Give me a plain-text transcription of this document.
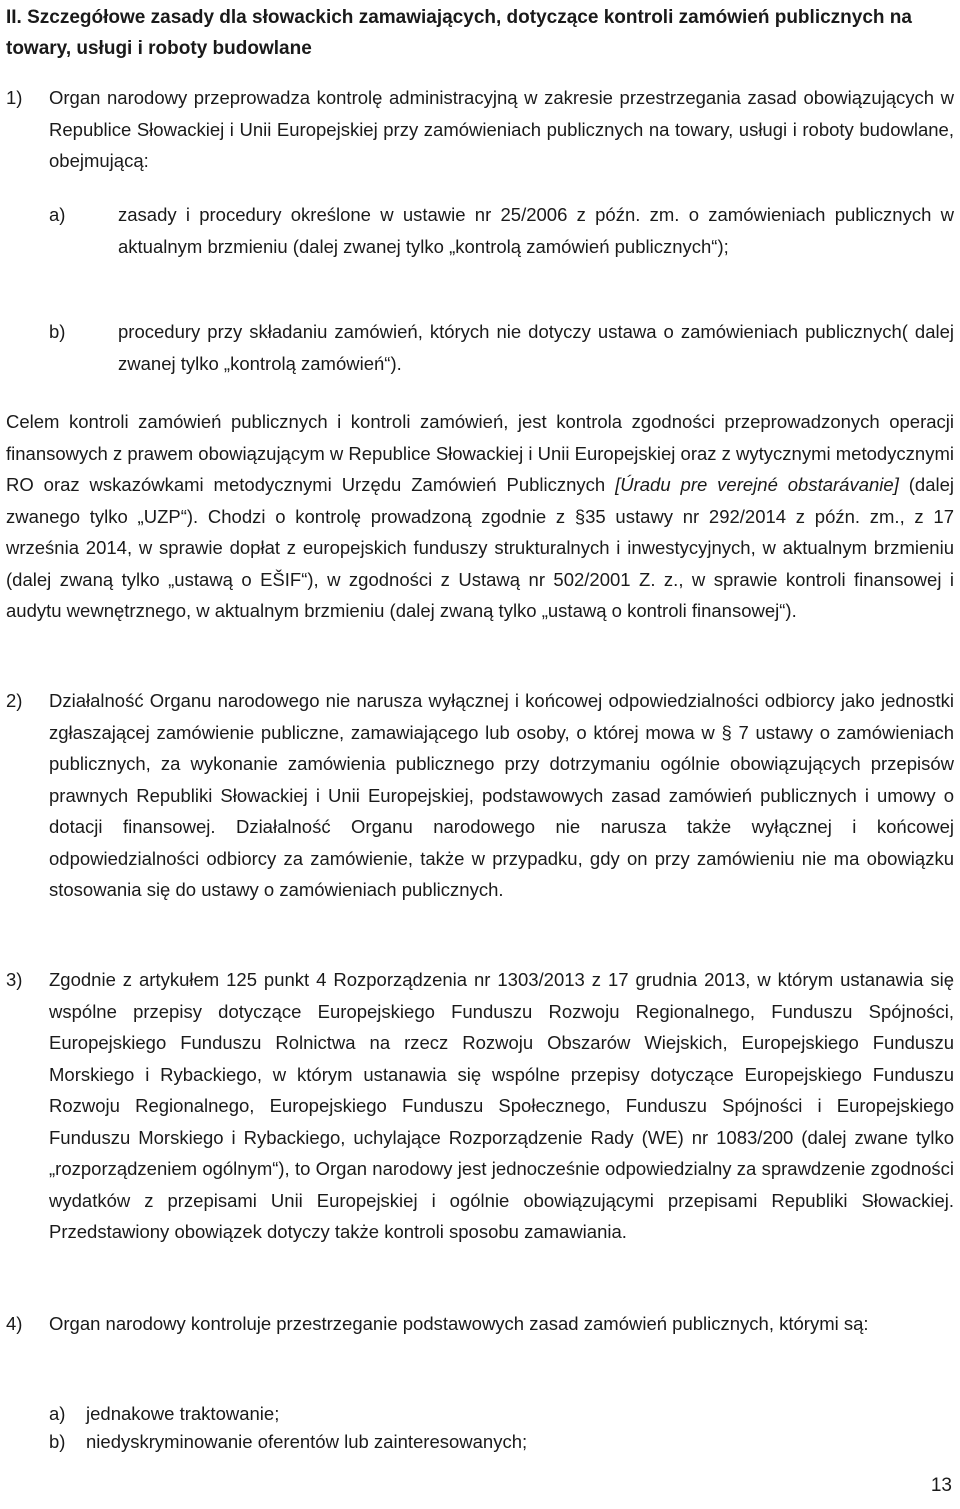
II. Szczegółowe zasady dla słowackich zamawiających, dotyczące kontroli zamówień publicznych na towary, usługi i roboty budowlane
1) Organ narodowy przeprowadza kontrolę administracyjną w zakresie przestrzegania zasad obowiązujących w Republice Słowackiej i Unii Europejskiej przy zamówieniach publicznych na towary, usługi i roboty budowlane, obejmującą:
a)	zasady i procedury określone w ustawie nr 25/2006 z późn. zm. o zamówieniach publicznych w aktualnym brzmieniu (dalej zwanej tylko „kontrolą zamówień publicznych“);
b)	procedury przy składaniu zamówień, których nie dotyczy ustawa o zamówieniach publicznych( dalej zwanej tylko „kontrolą zamówień“).
Celem kontroli zamówień publicznych i kontroli zamówień, jest kontrola zgodności przeprowadzonych operacji finansowych z prawem obowiązującym w Republice Słowackiej i Unii Europejskiej oraz z wytycznymi metodycznymi RO oraz wskazówkami metodycznymi Urzędu Zamówień Publicznych [Úradu pre verejné obstarávanie] (dalej zwanego tylko „UZP“). Chodzi o kontrolę prowadzoną zgodnie z §35 ustawy nr 292/2014 z późn. zm., z 17 września 2014, w sprawie dopłat z europejskich funduszy strukturalnych i inwestycyjnych, w aktualnym brzmieniu (dalej zwaną tylko „ustawą o EŠIF“), w zgodności z Ustawą nr 502/2001 Z. z., w sprawie kontroli finansowej i audytu wewnętrznego, w aktualnym brzmieniu (dalej zwaną tylko „ustawą o kontroli finansowej“).
2) Działalność Organu narodowego nie narusza wyłącznej i końcowej odpowiedzialności odbiorcy jako jednostki zgłaszającej zamówienie publiczne, zamawiającego lub osoby, o której mowa w § 7 ustawy o zamówieniach publicznych, za wykonanie zamówienia publicznego przy dotrzymaniu ogólnie obowiązujących przepisów prawnych Republiki Słowackiej i Unii Europejskiej, podstawowych zasad zamówień publicznych i umowy o dotacji finansowej. Działalność Organu narodowego nie narusza także wyłącznej i końcowej odpowiedzialności odbiorcy za zamówienie, także w przypadku, gdy on przy zamówieniu nie ma obowiązku stosowania się do ustawy o zamówieniach publicznych.
3) Zgodnie z artykułem 125 punkt 4 Rozporządzenia nr 1303/2013 z 17 grudnia 2013, w którym ustanawia się wspólne przepisy dotyczące Europejskiego Funduszu Rozwoju Regionalnego, Funduszu Spójności, Europejskiego Funduszu Rolnictwa na rzecz Rozwoju Obszarów Wiejskich, Europejskiego Funduszu Morskiego i Rybackiego, w którym ustanawia się wspólne przepisy dotyczące Europejskiego Funduszu Rozwoju Regionalnego, Europejskiego Funduszu Społecznego, Funduszu Spójności i Europejskiego Funduszu Morskiego i Rybackiego, uchylające Rozporządzenie Rady (WE) nr 1083/200 (dalej zwane tylko „rozporządzeniem ogólnym“), to Organ narodowy jest jednocześnie odpowiedzialny za sprawdzenie zgodności wydatków z przepisami Unii Europejskiej i ogólnie obowiązującymi przepisami Republiki Słowackiej. Przedstawiony obowiązek dotyczy także kontroli sposobu zamawiania.
4) Organ narodowy kontroluje przestrzeganie podstawowych zasad zamówień publicznych, którymi są:
a) jednakowe traktowanie;
b) niedyskryminowanie oferentów lub zainteresowanych;
13
